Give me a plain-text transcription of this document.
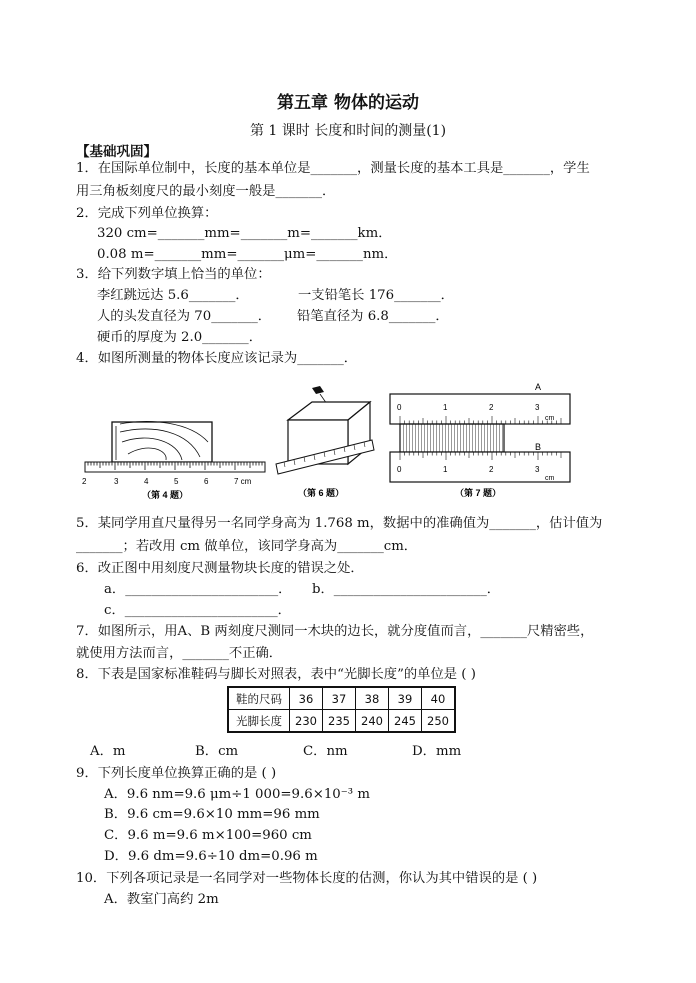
第五章 物体的运动
第 1 课时 长度和时间的测量(1)
【基础巩固】
1．在国际单位制中，长度的基本单位是_______，测量长度的基本工具是_______，学生
用三角板刻度尺的最小刻度一般是_______．
2．完成下列单位换算：
320 cm=_______mm=_______m=_______km．
0.08 m=_______mm=_______μm=_______nm．
3．给下列数字填上恰当的单位：
李红跳远达 5.6_______．	一支铅笔长 176_______．
人的头发直径为 70_______． 铅笔直径为 6.8_______．
硬币的厚度为 2.0_______．
4．如图所测量的物体长度应该记录为_______．
2	3	4	5	6	7 cm
（第 4 题）	（第 6 题）
A
0	1	2	3
cm
B
0	1	2	3
cm
（第 7 题）
5．某同学用直尺量得另一名同学身高为 1.768 m，数据中的准确值为_______，估计值为
_______；若改用 cm 做单位，该同学身高为_______cm．
6．改正图中用刻度尺测量物块长度的错误之处．
a．_______________________． b．_______________________．
c．_______________________．
7．如图所示，用A、B 两刻度尺测同一木块的边长，就分度值而言，_______尺精密些，
就使用方法而言，_______不正确．
8．下表是国家标准鞋码与脚长对照表，表中“光脚长度”的单位是 ( )
鞋的尺码	36	37	38	39	40
光脚长度	230	235	240	245	250
A．m	B．cm	C．nm	D．mm
9．下列长度单位换算正确的是 ( )
A．9.6 nm=9.6 μm÷1 000=9.6×10⁻³ m
B．9.6 cm=9.6×10 mm=96 mm
C．9.6 m=9.6 m×100=960 cm
D．9.6 dm=9.6÷10 dm=0.96 m
10．下列各项记录是一名同学对一些物体长度的估测，你认为其中错误的是 ( )
A．教室门高约 2m
